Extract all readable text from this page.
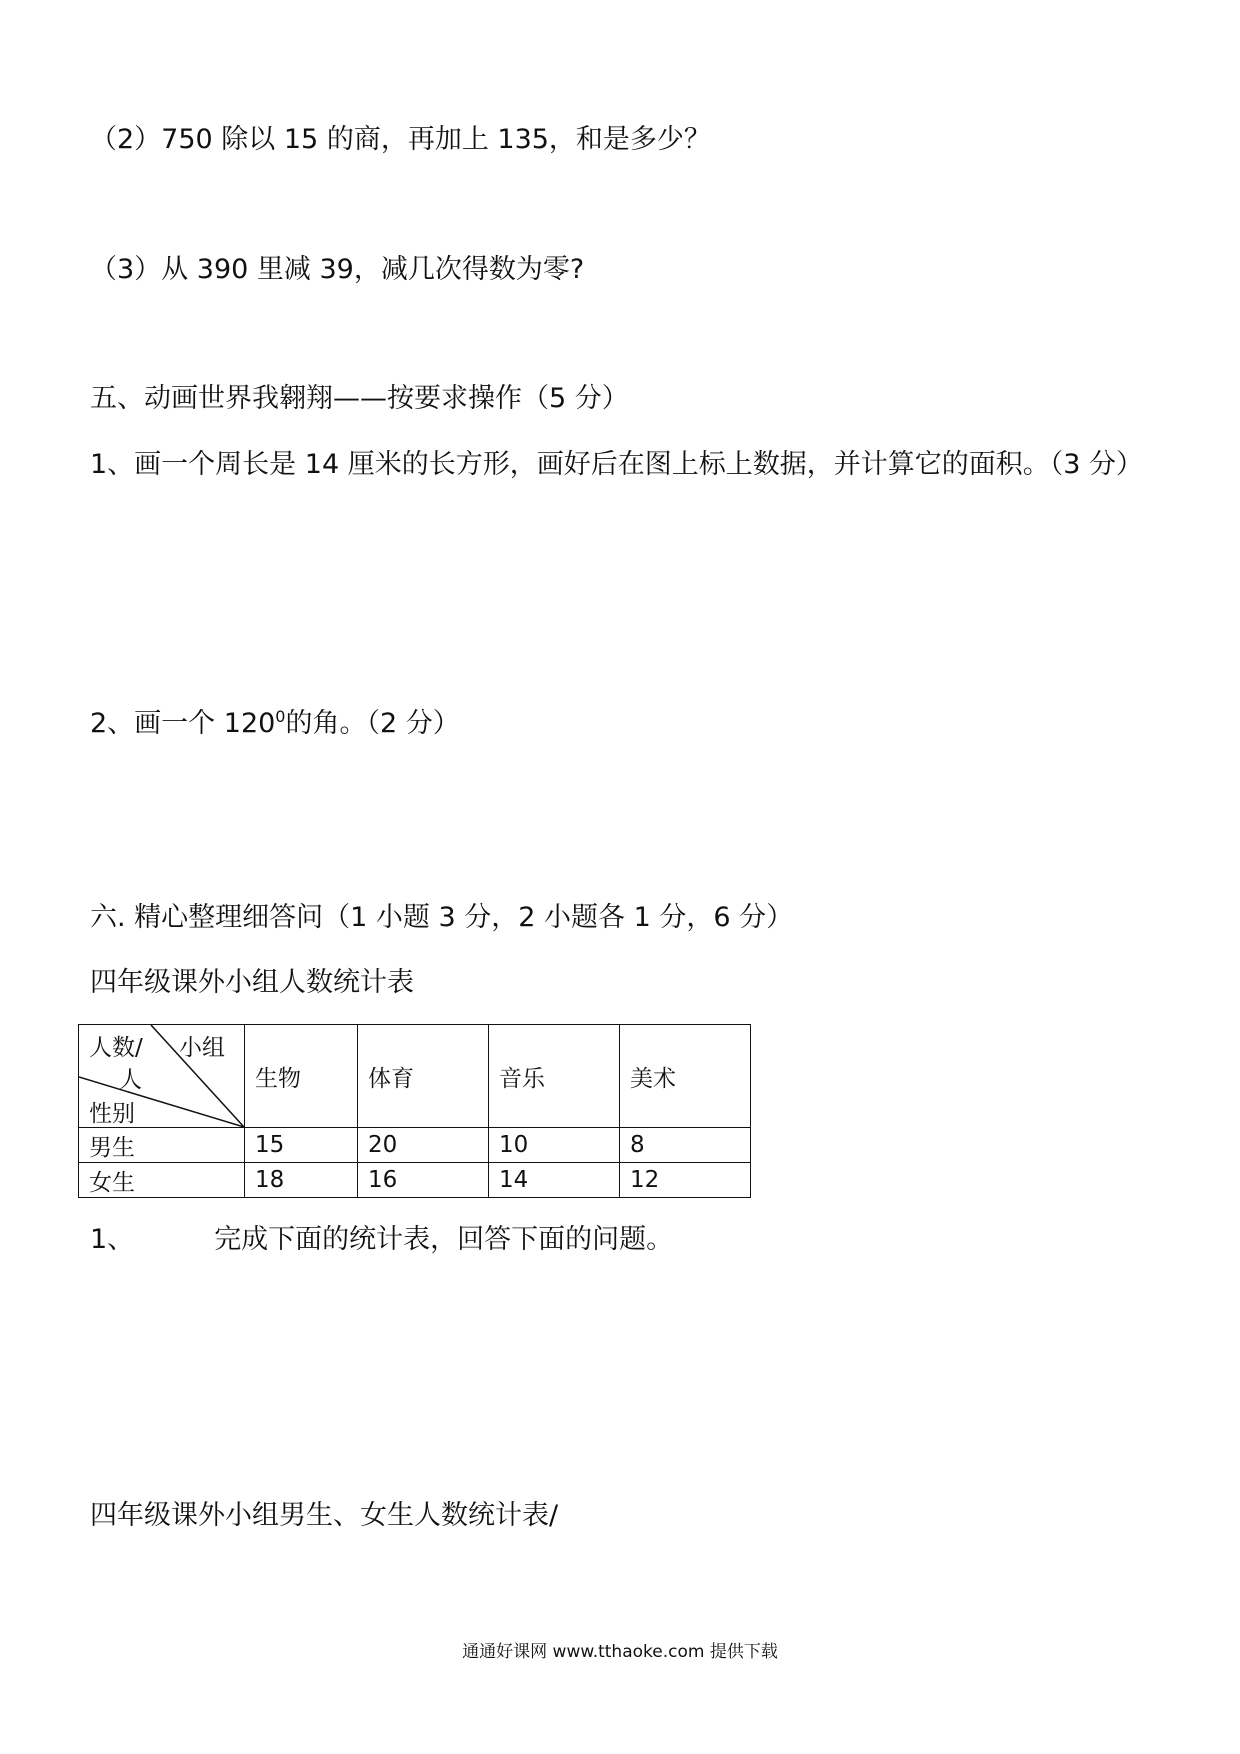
（2）750 除以 15 的商，再加上 135，和是多少？
（3）从 390 里减 39，减几次得数为零?
五、动画世界我翱翔——按要求操作（5 分）
1、画一个周长是 14 厘米的长方形，画好后在图上标上数据，并计算它的面积。（3 分）
2、画一个 $120^0$的角。（2 分）
六. 精心整理细答问（1 小题 3 分，2 小题各 1 分，6 分）
四年级课外小组人数统计表
人数/ 小组
人
性别	生物	体育	音乐	美术
男生	15	20	10	8
女生	18	16	14	12
1、	完成下面的统计表，回答下面的问题。
四年级课外小组男生、女生人数统计表/
通通好课网 www.tthaoke.com 提供下载
